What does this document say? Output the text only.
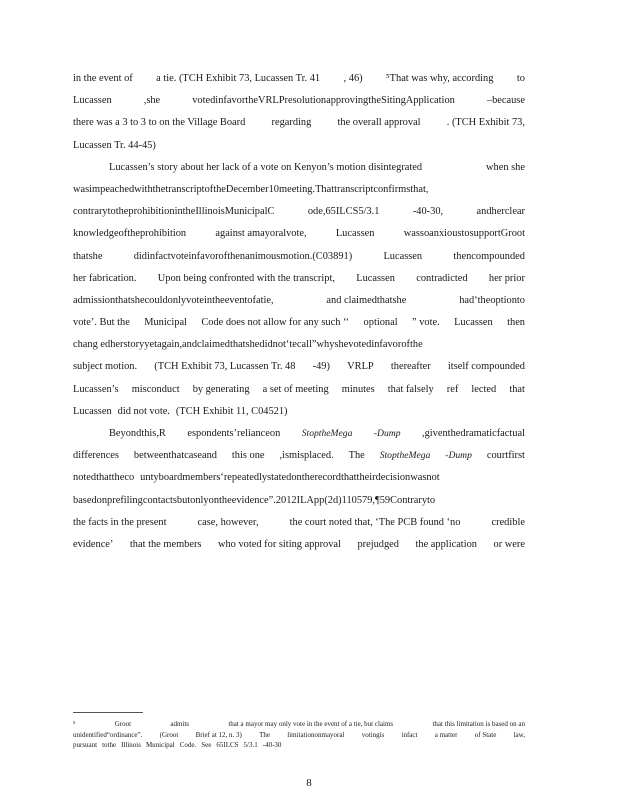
in the event of a tie. (TCH Exhibit 73, Lucassen Tr. 41 , 46) ⁵That was why, according to
Lucassen	,she	votedinfavortheVRLPresolutionapprovingtheSitingApplication	–because
there was a 3 to 3 to on the Village Board	regarding	the overall approval	. (TCH Exhibit 73,
Lucassen Tr. 44-45)
Lucassen’s story about her lack of a vote on Kenyon’s motion disintegrated	when she
wasimpeachedwiththetranscriptoftheDecember10meeting.Thattranscriptconfirmsthat,
contrarytotheprohibitionintheIllinoisMunicipalC	ode,65ILCS5/3.1	-40-30,	andherclear
knowledgeoftheprohibition	against amayoralvote,	Lucassen	wassoanxioustosupportGroot
thatshe	didinfactvoteinfavorofthenanimousmotion.(C03891)	Lucassen	thencompounded
her fabrication. Upon being confronted with the transcript, Lucassen contradicted her prior
admissionthatshecouldonlyvoteintheeventofatie,	and claimedthatshe	had‘theoptionto
vote’. But the Municipal Code does not allow for any such ‘‘ optional ” vote. Lucassen then
chang edherstoryyetagain,andclaimedthatshedidnot‘tecall”whyshevotedinfavorofthe
subject motion. (TCH Exhibit 73, Lucassen Tr. 48 -49) VRLP thereafter itself compounded
Lucassen’s misconduct by generating a set of meeting minutes that falsely ref lected that
Lucassen did not vote. (TCH Exhibit 11, C04521)
Beyondthis,R espondents’relianceon StoptheMega -Dump ,giventhedramaticfactual
differences betweenthatcaseand this one ,ismisplaced. The StoptheMega -Dump courtfirst
notedthattheco untyboardmembers‘repeatedlystatedontherecordthattheirdecisionwasnot
basedonprefilingcontactsbutonlyontheevidence”.2012ILApp(2d)110579,¶59Contraryto
the facts in the present	case, however,	the court noted that, ‘The PCB found ‘no	credible
evidence’ that the members who voted for siting approval prejudged the application or were
⁵	Groot	admits	that a mayor may only vote in the event of a tie, but claims	that this limitation is based on an
unidentified“ordinance”. (Groot Brief at 12, n. 3) The limitationonmayoral votingis infact a matter of State law,
pursuant tothe Illinois Municipal Code. See 65ILCS 5/3.1 -40-30
8
